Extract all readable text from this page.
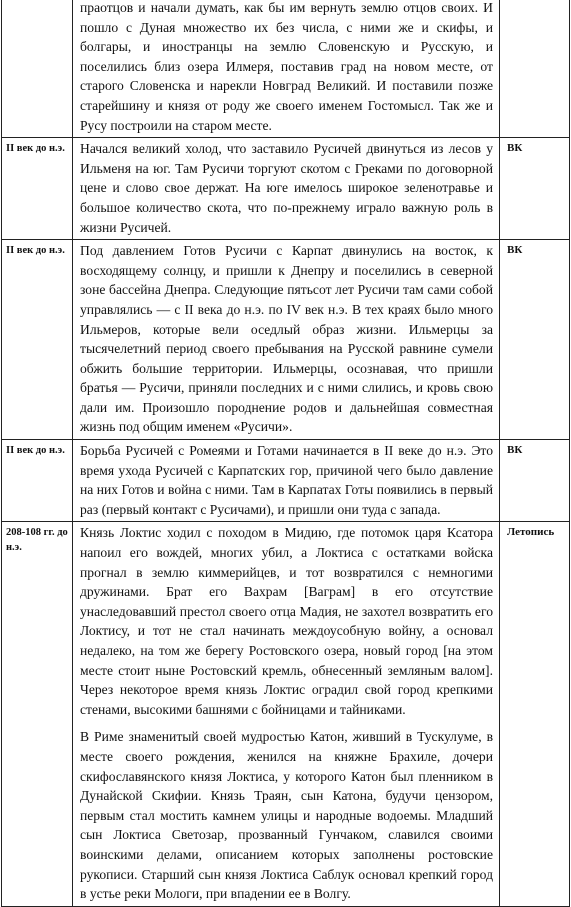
	праотцов и начали думать, как бы им вернуть землю отцов своих. И пошло с Дуная множество их без числа, с ними же и скифы, и болгары, и иностранцы на землю Словенскую и Русскую, и поселились близ озера Илмеря, поставив град на новом месте, от старого Словенска и нарекли Новград Великий. И поставили позже старейшину и князя от роду же своего именем Гостомысл. Так же и Русу построили на старом месте.	

II век до н.э.	Начался великий холод, что заставило Русичей двинуться из лесов у Ильменя на юг. Там Русичи торгуют скотом с Греками по договорной цене и слово свое держат. На юге имелось широкое зеленотравье и большое количество скота, что по-прежнему играло важную роль в жизни Русичей.	ВК
II век до н.э.	Под давлением Готов Русичи с Карпат двинулись на восток, к восходящему солнцу, и пришли к Днепру и поселились в северной зоне бассейна Днепра. Следующие пятьсот лет Русичи там сами собой управлялись — с II века до н.э. по IV век н.э. В тех краях было много Ильмеров, которые вели оседлый образ жизни. Ильмерцы за тысячелетний период своего пребывания на Русской равнине сумели обжить большие территории. Ильмерцы, осознавая, что пришли братья — Русичи, приняли последних и с ними слились, и кровь свою дали им. Произошло породнение родов и дальнейшая совместная жизнь под общим именем «Русичи».	ВК
II век до н.э.	Борьба Русичей с Ромеями и Готами начинается в II веке до н.э. Это время ухода Русичей с Карпатских гор, причиной чего было давление на них Готов и война с ними. Там в Карпатах Готы появились в первый раз (первый контакт с Русичами), и пришли они туда с запада.	ВК
208-108 гг. до н.э.	Князь Локтис ходил с походом в Мидию, где потомок царя Ксатора напоил его вождей, многих убил, а Локтиса с остатками войска прогнал в землю киммерийцев, и тот возвратился с немногими дружинами. Брат его Вахрам [Ваграм] в его отсутствие унаследовавший престол своего отца Мадия, не захотел возвратить его Локтису, и тот не стал начинать междоусобную войну, а основал недалеко, на том же берегу Ростовского озера, новый город [на этом месте стоит ныне Ростовский кремль, обнесенный земляным валом]. Через некоторое время князь Локтис оградил свой город крепкими стенами, высокими башнями с бойницами и тайниками.

В Риме знаменитый своей мудростью Катон, живший в Тускулуме, в месте своего рождения, женился на княжне Брахиле, дочери скифославянского князя Локтиса, у которого Катон был пленником в Дунайской Скифии. Князь Траян, сын Катона, будучи цензором, первым стал мостить камнем улицы и народные водоемы. Младший сын Локтиса Светозар, прозванный Гунчаком, славился своими воинскими делами, описанием которых заполнены ростовские рукописи. Старший сын князя Локтиса Саблук основал крепкий город в устье реки Мологи, при впадении ее в Волгу.	Летопись
